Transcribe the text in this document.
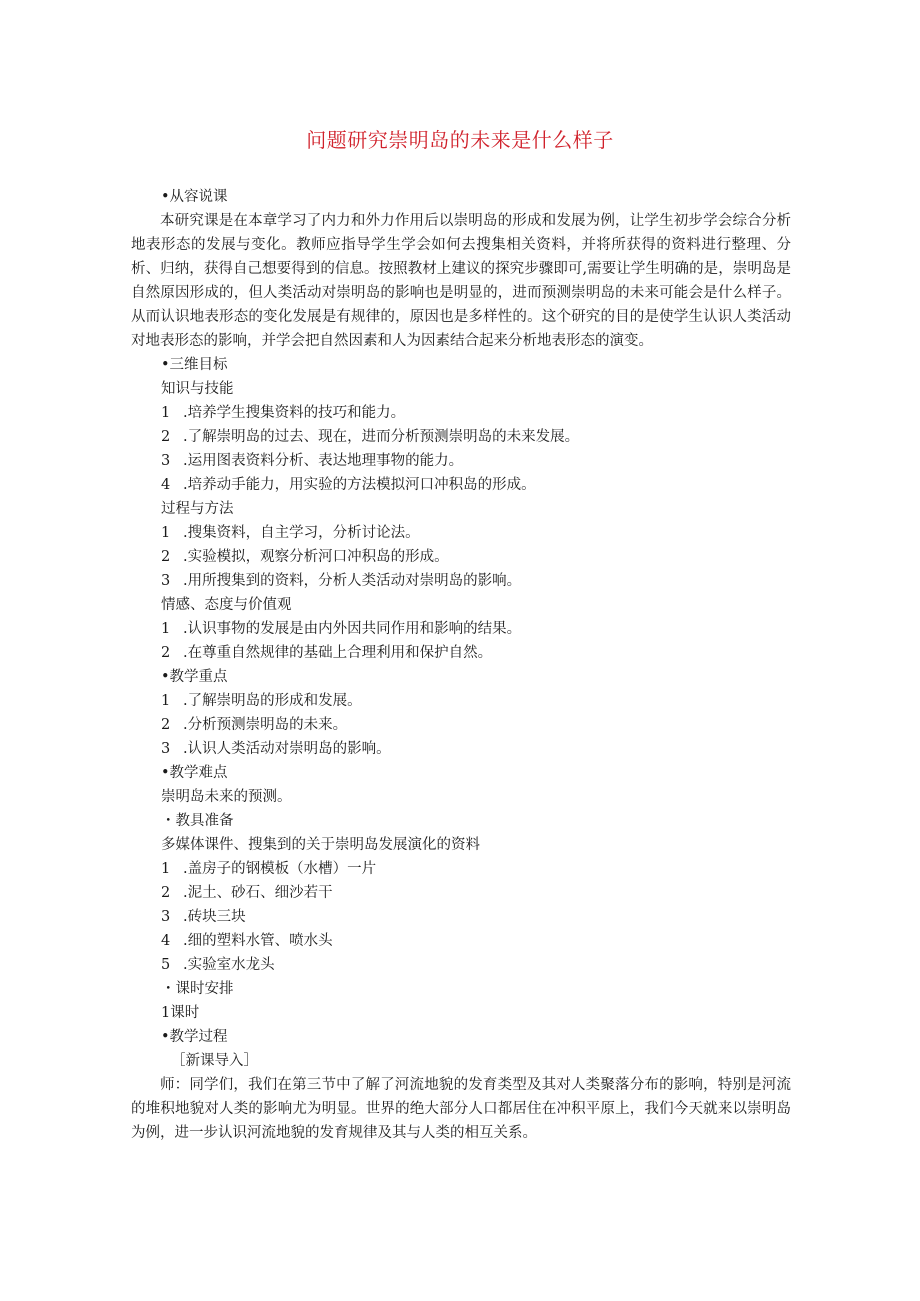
问题研究崇明岛的未来是什么样子
•从容说课
本研究课是在本章学习了内力和外力作用后以崇明岛的形成和发展为例，让学生初步学会综合分析地表形态的发展与变化。教师应指导学生学会如何去搜集相关资料，并将所获得的资料进行整理、分析、归纳，获得自己想要得到的信息。按照教材上建议的探究步骤即可,需要让学生明确的是，崇明岛是自然原因形成的，但人类活动对崇明岛的影响也是明显的，进而预测崇明岛的未来可能会是什么样子。从而认识地表形态的变化发展是有规律的，原因也是多样性的。这个研究的目的是使学生认识人类活动对地表形态的影响，并学会把自然因素和人为因素结合起来分析地表形态的演变。
•三维目标
知识与技能
1 .培养学生搜集资料的技巧和能力。
2 .了解崇明岛的过去、现在，进而分析预测崇明岛的未来发展。
3 .运用图表资料分析、表达地理事物的能力。
4 .培养动手能力，用实验的方法模拟河口冲积岛的形成。
过程与方法
1 .搜集资料，自主学习，分析讨论法。
2 .实验模拟，观察分析河口冲积岛的形成。
3 .用所搜集到的资料，分析人类活动对崇明岛的影响。
情感、态度与价值观
1 .认识事物的发展是由内外因共同作用和影响的结果。
2 .在尊重自然规律的基础上合理利用和保护自然。
•教学重点
1 .了解崇明岛的形成和发展。
2 .分析预测崇明岛的未来。
3 .认识人类活动对崇明岛的影响。
•教学难点
崇明岛未来的预测。
・教具准备
多媒体课件、搜集到的关于崇明岛发展演化的资料
1 .盖房子的钢模板（水槽）一片
2 .泥土、砂石、细沙若干
3 .砖块三块
4 .细的塑料水管、喷水头
5 .实验室水龙头
・课时安排
1课时
•教学过程
［新课导入］
师：同学们，我们在第三节中了解了河流地貌的发育类型及其对人类聚落分布的影响，特别是河流的堆积地貌对人类的影响尤为明显。世界的绝大部分人口都居住在冲积平原上，我们今天就来以崇明岛为例，进一步认识河流地貌的发育规律及其与人类的相互关系。
